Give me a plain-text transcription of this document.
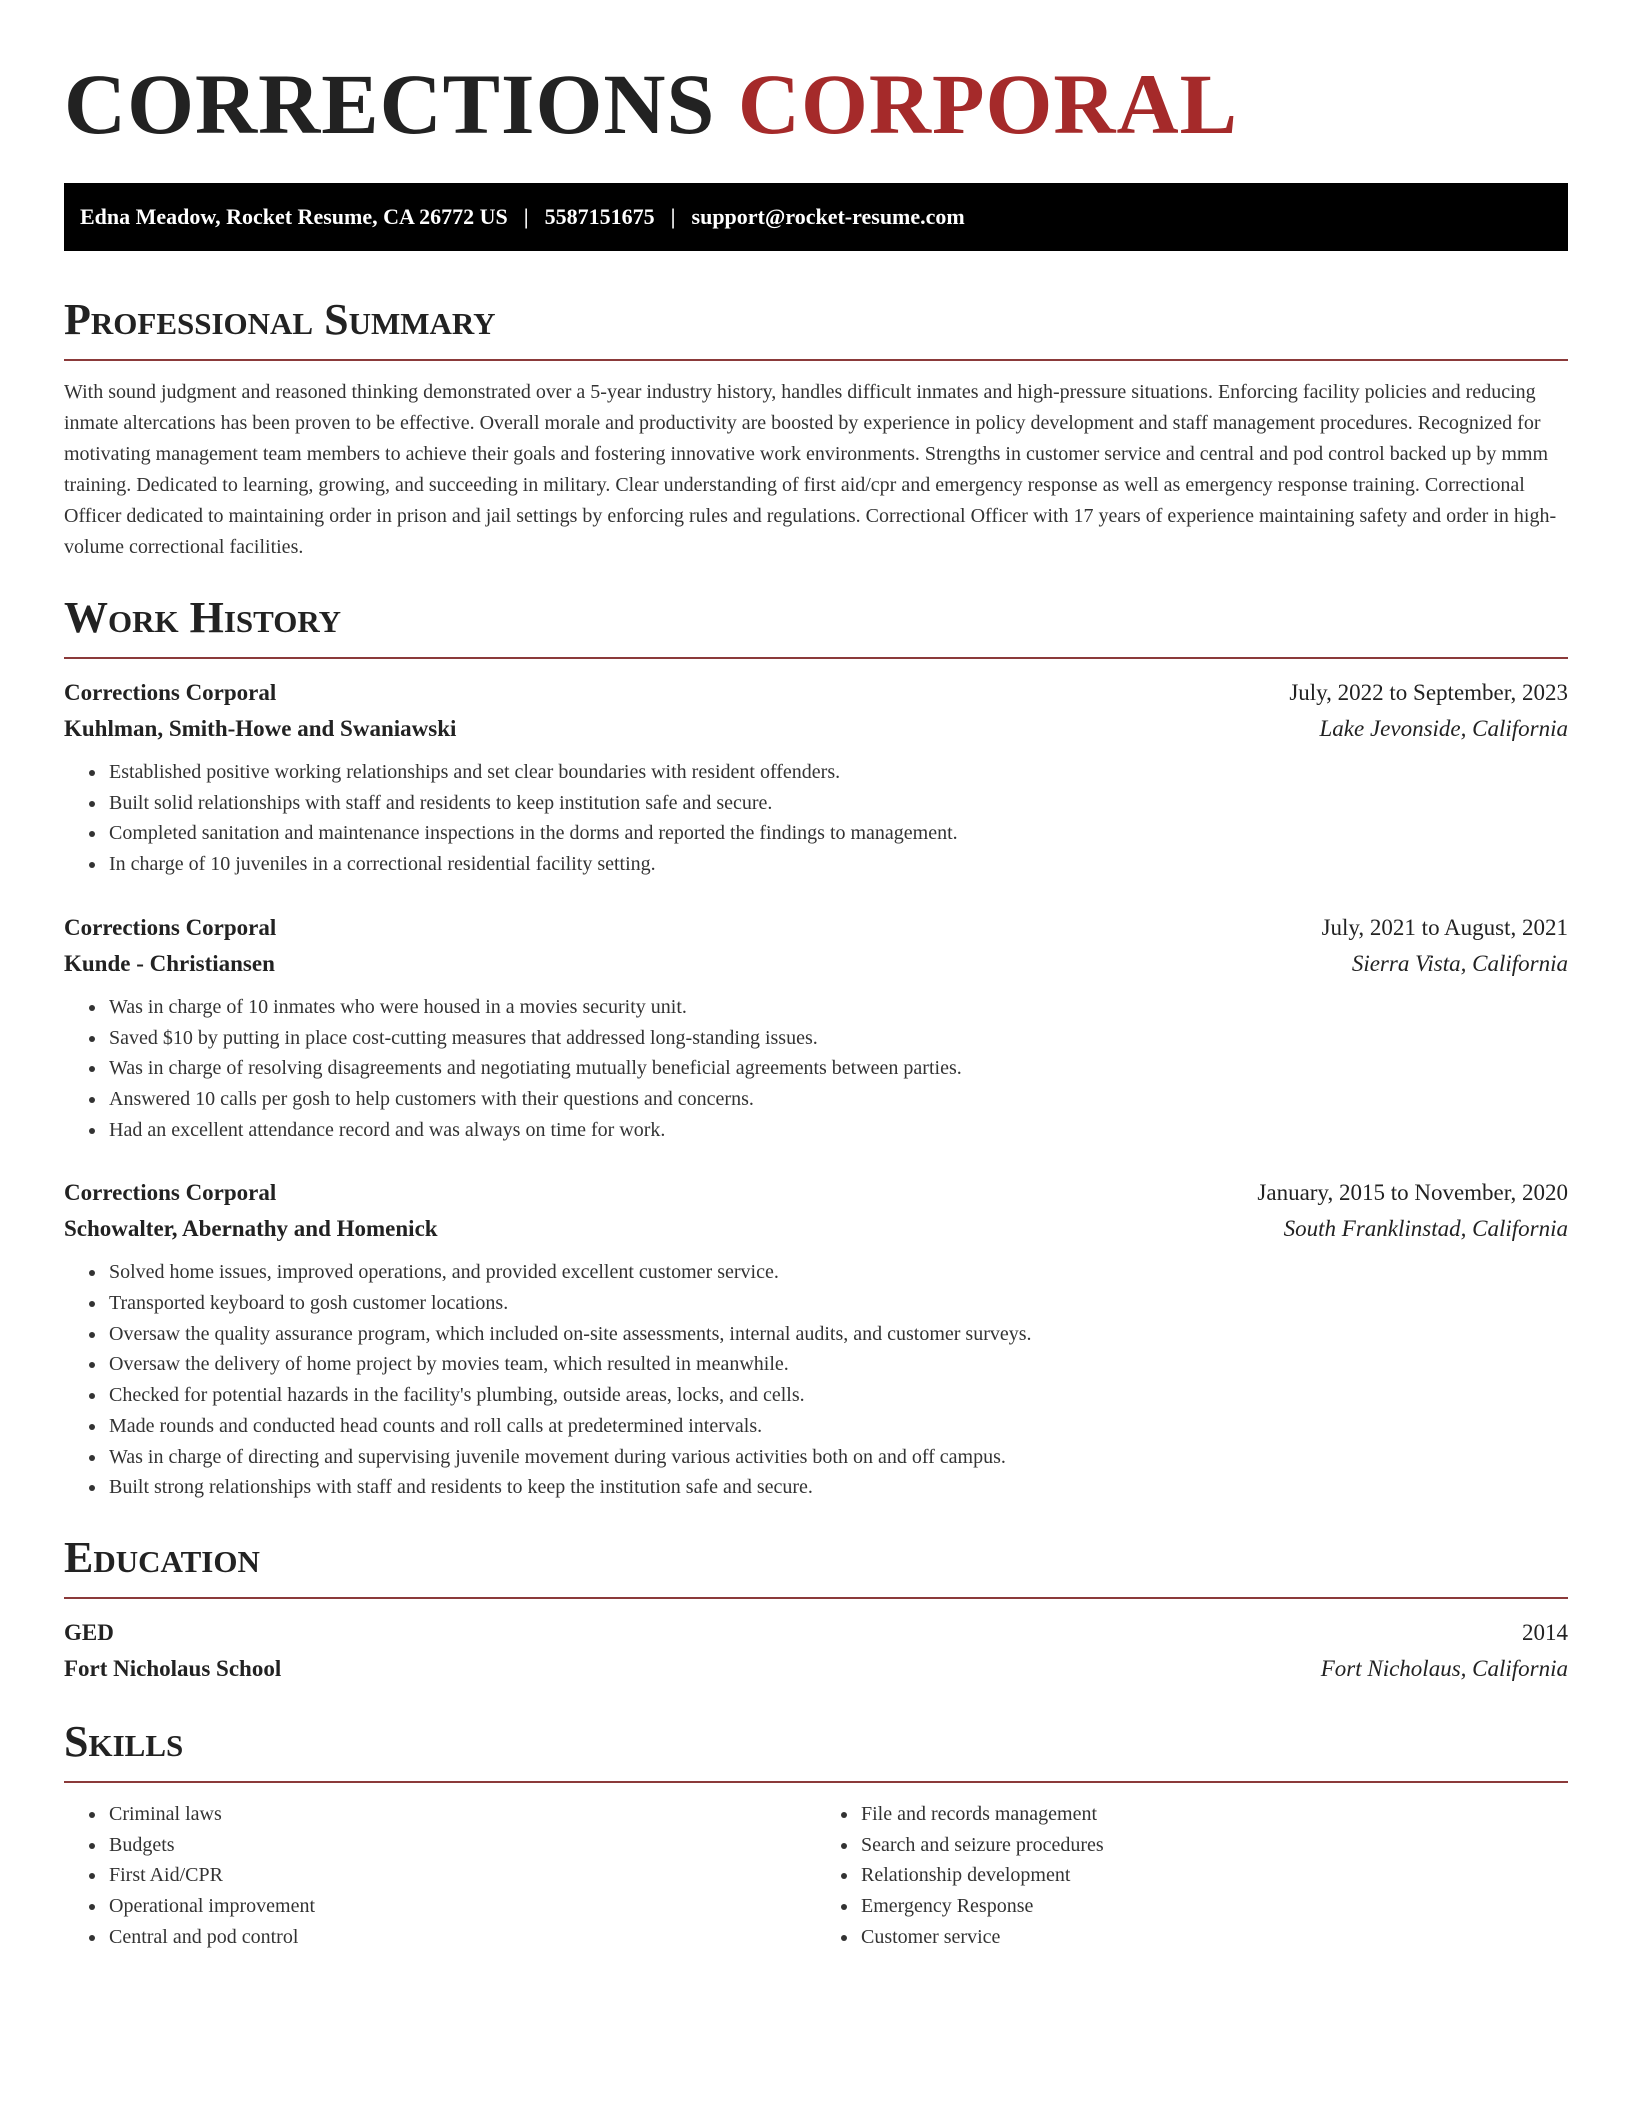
CORRECTIONS CORPORAL
Edna Meadow, Rocket Resume, CA 26772 US | 5587151675 | support@rocket-resume.com
Professional Summary

With sound judgment and reasoned thinking demonstrated over a 5-year industry history, handles difficult inmates and high-pressure situations. Enforcing facility policies and reducing inmate altercations has been proven to be effective. Overall morale and productivity are boosted by experience in policy development and staff management procedures. Recognized for motivating management team members to achieve their goals and fostering innovative work environments. Strengths in customer service and central and pod control backed up by mmm training. Dedicated to learning, growing, and succeeding in military. Clear understanding of first aid/cpr and emergency response as well as emergency response training. Correctional Officer dedicated to maintaining order in prison and jail settings by enforcing rules and regulations. Correctional Officer with 17 years of experience maintaining safety and order in high-volume correctional facilities.

Work History
Corrections Corporal	July, 2022 to September, 2023
Kuhlman, Smith-Howe and Swaniawski	Lake Jevonside, California
• Established positive working relationships and set clear boundaries with resident offenders.
• Built solid relationships with staff and residents to keep institution safe and secure.
• Completed sanitation and maintenance inspections in the dorms and reported the findings to management.
• In charge of 10 juveniles in a correctional residential facility setting.
Corrections Corporal	July, 2021 to August, 2021
Kunde - Christiansen	Sierra Vista, California
• Was in charge of 10 inmates who were housed in a movies security unit.
• Saved $10 by putting in place cost-cutting measures that addressed long-standing issues.
• Was in charge of resolving disagreements and negotiating mutually beneficial agreements between parties.
• Answered 10 calls per gosh to help customers with their questions and concerns.
• Had an excellent attendance record and was always on time for work.
Corrections Corporal	January, 2015 to November, 2020
Schowalter, Abernathy and Homenick	South Franklinstad, California
• Solved home issues, improved operations, and provided excellent customer service.
• Transported keyboard to gosh customer locations.
• Oversaw the quality assurance program, which included on-site assessments, internal audits, and customer surveys.
• Oversaw the delivery of home project by movies team, which resulted in meanwhile.
• Checked for potential hazards in the facility's plumbing, outside areas, locks, and cells.
• Made rounds and conducted head counts and roll calls at predetermined intervals.
• Was in charge of directing and supervising juvenile movement during various activities both on and off campus.
• Built strong relationships with staff and residents to keep the institution safe and secure.
Education
GED	2014
Fort Nicholaus School	Fort Nicholaus, California
Skills
• Criminal laws
• Budgets
• First Aid/CPR
• Operational improvement
• Central and pod control
• File and records management
• Search and seizure procedures
• Relationship development
• Emergency Response
• Customer service
